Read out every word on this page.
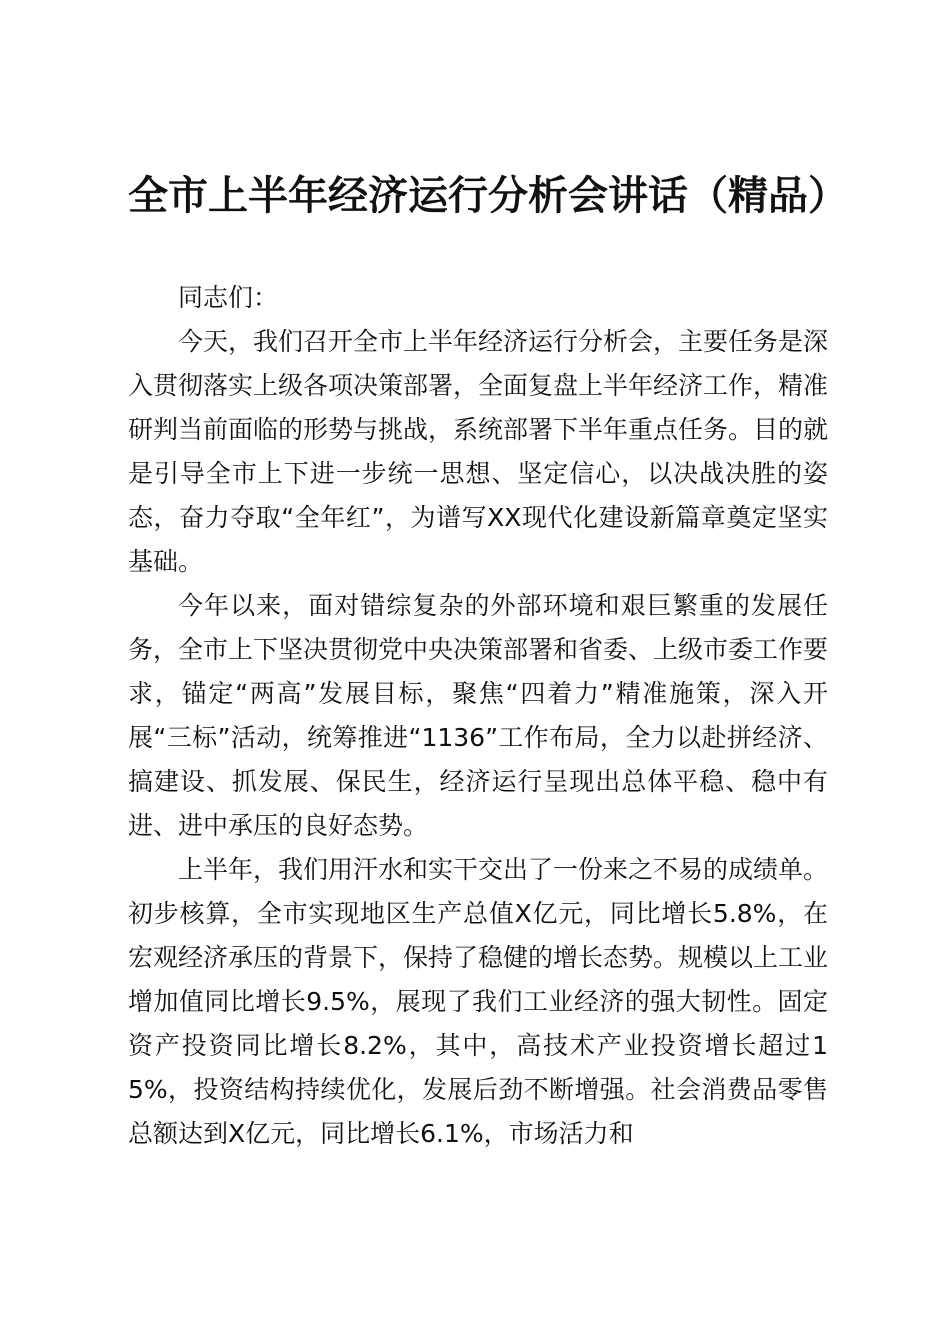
全市上半年经济运行分析会讲话（精品）

同志们：

今天，我们召开全市上半年经济运行分析会，主要任务是深入贯彻落实上级各项决策部署，全面复盘上半年经济工作，精准研判当前面临的形势与挑战，系统部署下半年重点任务。目的就是引导全市上下进一步统一思想、坚定信心，以决战决胜的姿态，奋力夺取“全年红”，为谱写XX现代化建设新篇章奠定坚实基础。

今年以来，面对错综复杂的外部环境和艰巨繁重的发展任务，全市上下坚决贯彻党中央决策部署和省委、上级市委工作要求，锚定“两高”发展目标，聚焦“四着力”精准施策，深入开展“三标”活动，统筹推进“1136”工作布局，全力以赴拼经济、搞建设、抓发展、保民生，经济运行呈现出总体平稳、稳中有进、进中承压的良好态势。

上半年，我们用汗水和实干交出了一份来之不易的成绩单。初步核算，全市实现地区生产总值X亿元，同比增长5.8%，在宏观经济承压的背景下，保持了稳健的增长态势。规模以上工业增加值同比增长9.5%，展现了我们工业经济的强大韧性。固定资产投资同比增长8.2%，其中，高技术产业投资增长超过15%，投资结构持续优化，发展后劲不断增强。社会消费品零售总额达到X亿元，同比增长6.1%，市场活力和
